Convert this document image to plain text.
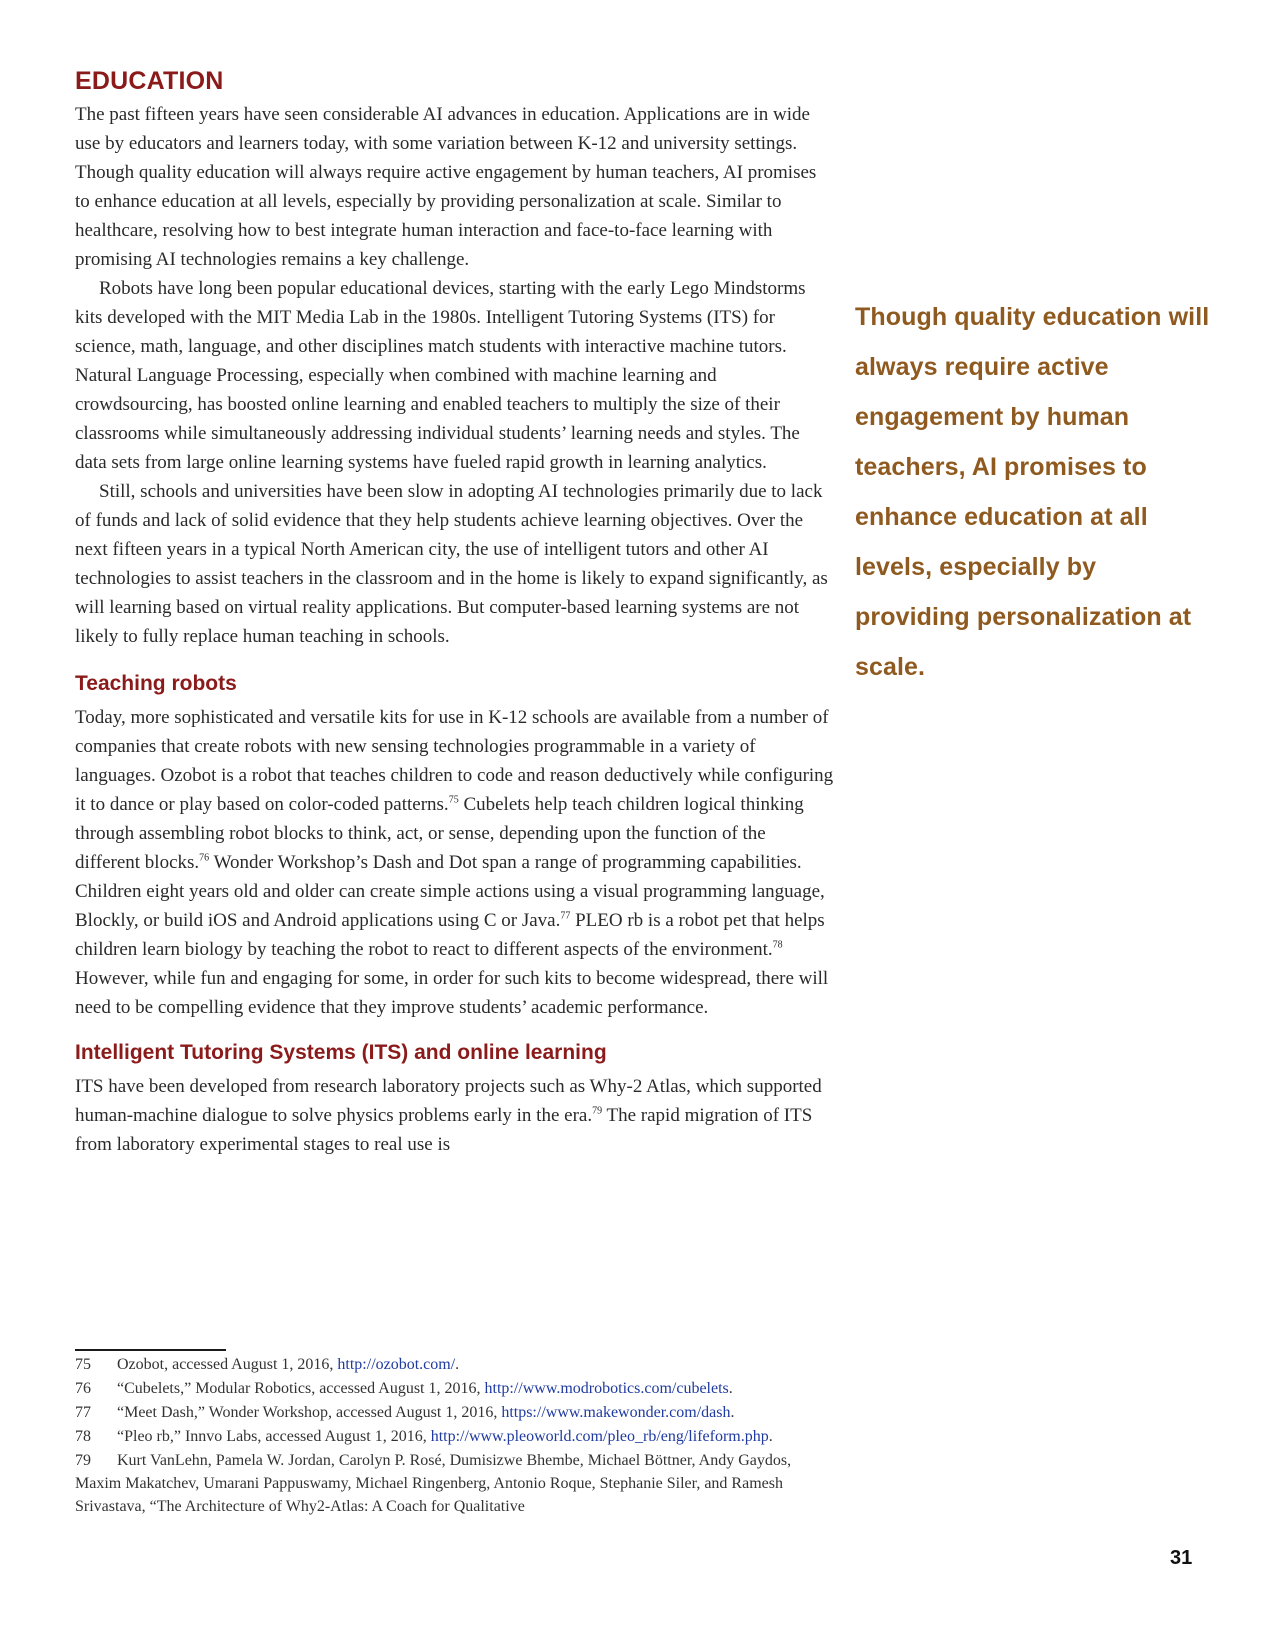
EDUCATION

The past fifteen years have seen considerable AI advances in education. Applications are in wide use by educators and learners today, with some variation between K-12 and university settings. Though quality education will always require active engagement by human teachers, AI promises to enhance education at all levels, especially by providing personalization at scale. Similar to healthcare, resolving how to best integrate human interaction and face-to-face learning with promising AI technologies remains a key challenge.

Robots have long been popular educational devices, starting with the early Lego Mindstorms kits developed with the MIT Media Lab in the 1980s. Intelligent Tutoring Systems (ITS) for science, math, language, and other disciplines match students with interactive machine tutors. Natural Language Processing, especially when combined with machine learning and crowdsourcing, has boosted online learning and enabled teachers to multiply the size of their classrooms while simultaneously addressing individual students’ learning needs and styles. The data sets from large online learning systems have fueled rapid growth in learning analytics.

Still, schools and universities have been slow in adopting AI technologies primarily due to lack of funds and lack of solid evidence that they help students achieve learning objectives. Over the next fifteen years in a typical North American city, the use of intelligent tutors and other AI technologies to assist teachers in the classroom and in the home is likely to expand significantly, as will learning based on virtual reality applications. But computer-based learning systems are not likely to fully replace human teaching in schools.

Teaching robots

Today, more sophisticated and versatile kits for use in K-12 schools are available from a number of companies that create robots with new sensing technologies programmable in a variety of languages. Ozobot is a robot that teaches children to code and reason deductively while configuring it to dance or play based on color-coded patterns.$^{75}$ Cubelets help teach children logical thinking through assembling robot blocks to think, act, or sense, depending upon the function of the different blocks.$^{76}$ Wonder Workshop’s Dash and Dot span a range of programming capabilities. Children eight years old and older can create simple actions using a visual programming language, Blockly, or build iOS and Android applications using C or Java.$^{77}$ PLEO rb is a robot pet that helps children learn biology by teaching the robot to react to different aspects of the environment.$^{78}$ However, while fun and engaging for some, in order for such kits to become widespread, there will need to be compelling evidence that they improve students’ academic performance.

Intelligent Tutoring Systems (ITS) and online learning

ITS have been developed from research laboratory projects such as Why-2 Atlas, which supported human-machine dialogue to solve physics problems early in the era.$^{79}$ The rapid migration of ITS from laboratory experimental stages to real use is

Though quality education will always require active engagement by human teachers, AI promises to enhance education at all levels, especially by providing personalization at scale.
75 Ozobot, accessed August 1, 2016, http://ozobot.com/.
76 “Cubelets,” Modular Robotics, accessed August 1, 2016, http://www.modrobotics.com/cubelets.
77 “Meet Dash,” Wonder Workshop, accessed August 1, 2016, https://www.makewonder.com/dash.
78 “Pleo rb,” Innvo Labs, accessed August 1, 2016, http://www.pleoworld.com/pleo_rb/eng/lifeform.php.
79 Kurt VanLehn, Pamela W. Jordan, Carolyn P. Rosé, Dumisizwe Bhembe, Michael Böttner, Andy Gaydos, Maxim Makatchev, Umarani Pappuswamy, Michael Ringenberg, Antonio Roque, Stephanie Siler, and Ramesh Srivastava, “The Architecture of Why2-Atlas: A Coach for Qualitative
31
